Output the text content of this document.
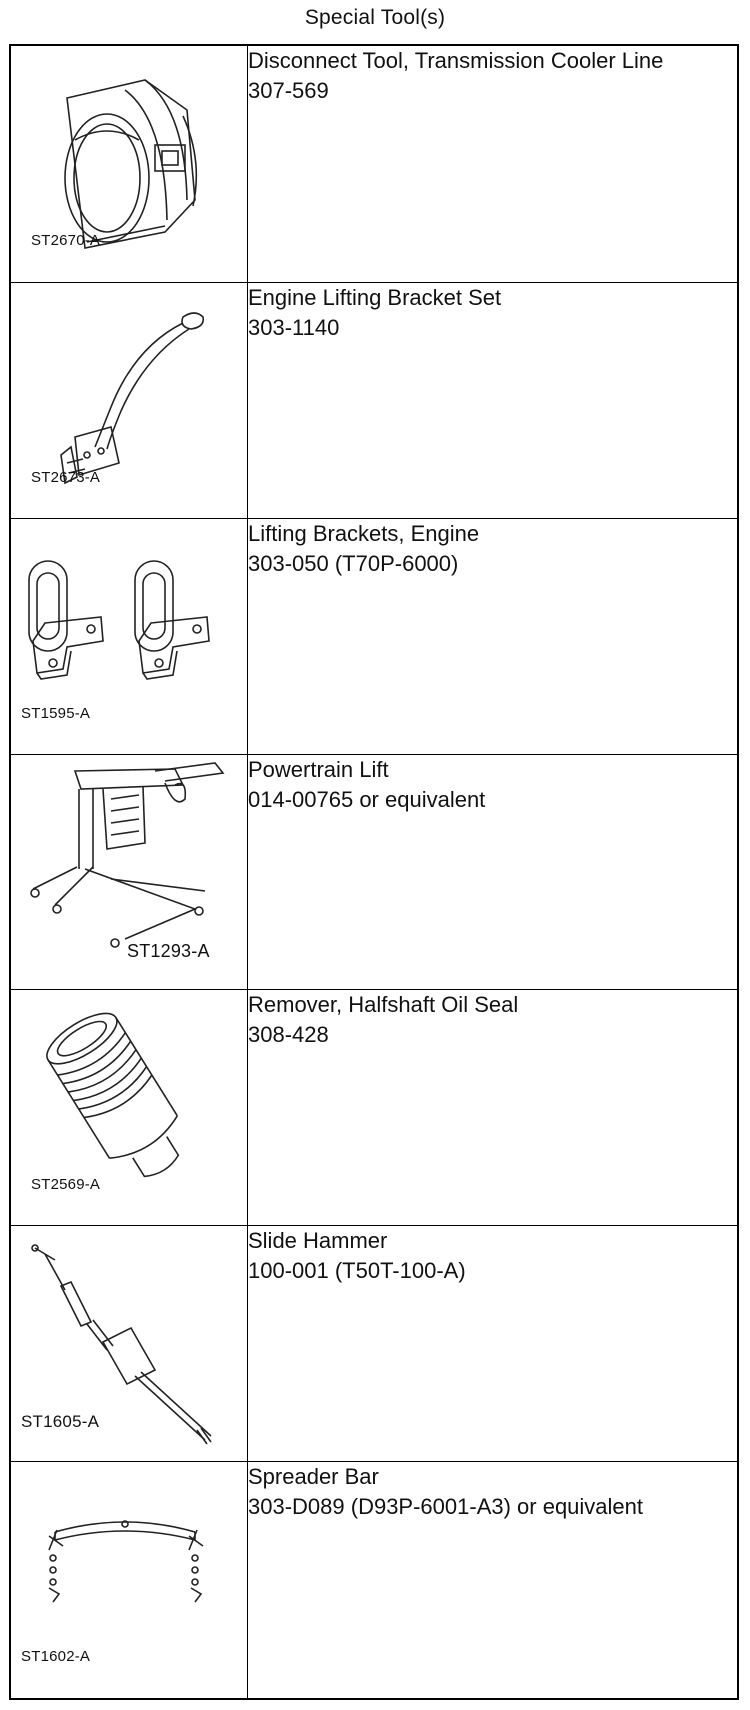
Special Tool(s)
ST2670-A	Disconnect Tool, Transmission Cooler Line
307-569

ST2673-A	Engine Lifting Bracket Set
303-1140

ST1595-A	Lifting Brackets, Engine
303-050 (T70P-6000)

ST1293-A	Powertrain Lift
014-00765 or equivalent

ST2569-A	Remover, Halfshaft Oil Seal
308-428

ST1605-A	Slide Hammer
100-001 (T50T-100-A)

ST1602-A	Spreader Bar
303-D089 (D93P-6001-A3) or equivalent
